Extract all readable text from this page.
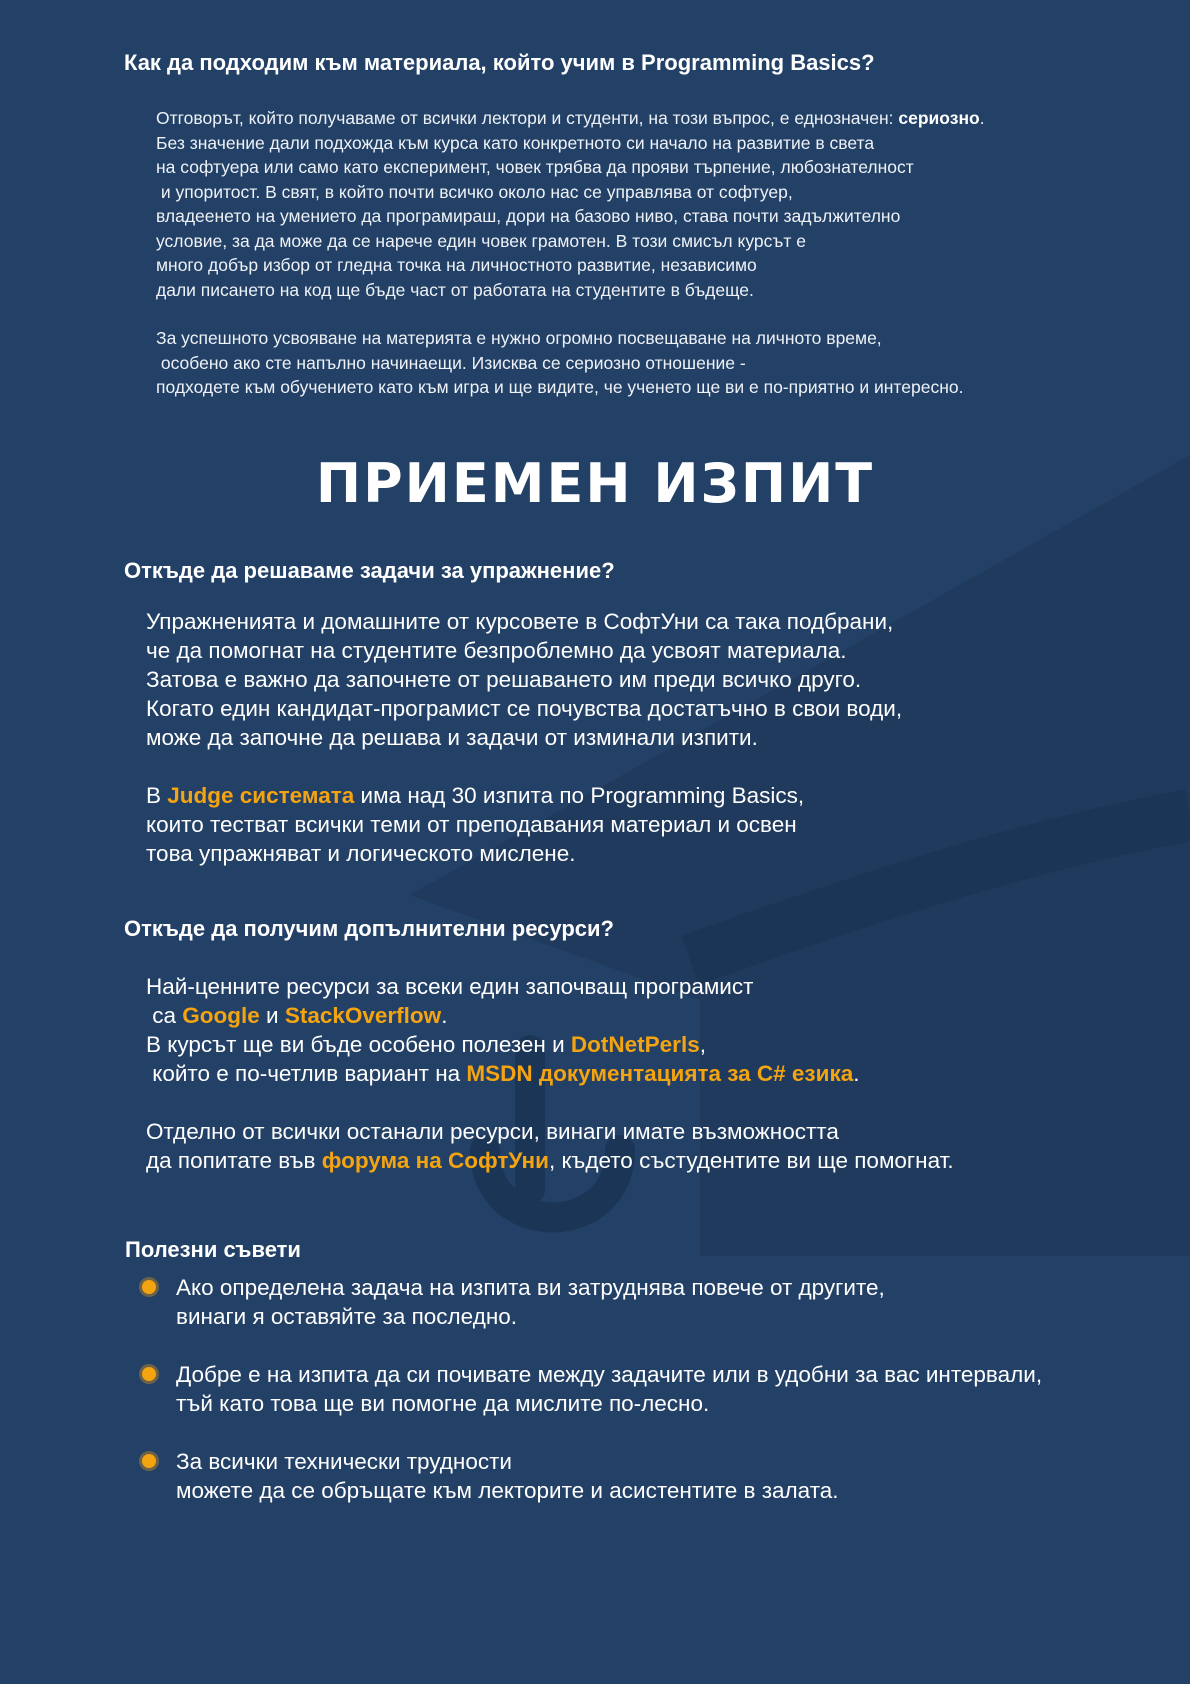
Как да подходим към материала, който учим в Programming Basics?

Отговорът, който получаваме от всички лектори и студенти, на този въпрос, е еднозначен: сериозно.
Без значение дали подхожда към курса като конкретното си начало на развитие в света
на софтуера или само като експеримент, човек трябва да прояви търпение, любознателност
и упоритост. В свят, в който почти всичко около нас се управлява от софтуер,
владеенето на умението да програмираш, дори на базово ниво, става почти задължително
условие, за да може да се нарече един човек грамотен. В този смисъл курсът е
много добър избор от гледна точка на личностното развитие, независимо
дали писането на код ще бъде част от работата на студентите в бъдеще.

За успешното усвояване на материята е нужно огромно посвещаване на личното време,
особено ако сте напълно начинаещи. Изисква се сериозно отношение -
подходете към обучението като към игра и ще видите, че ученето ще ви е по-приятно и интересно.

ПРИЕМЕН ИЗПИТ
Откъде да решаваме задачи за упражнение?

Упражненията и домашните от курсовете в СофтУни са така подбрани,
че да помогнат на студентите безпроблемно да усвоят материала.
Затова е важно да започнете от решаването им преди всичко друго.
Когато един кандидат-програмист се почувства достатъчно в свои води,
може да започне да решава и задачи от изминали изпити.

В Judge системата има над 30 изпита по Programming Basics,
които тестват всички теми от преподавания материал и освен
това упражняват и логическото мислене.

Откъде да получим допълнителни ресурси?

Най-ценните ресурси за всеки един започващ програмист
са Google и StackOverflow.
В курсът ще ви бъде особено полезен и DotNetPerls,
който е по-четлив вариант на MSDN документацията за C# езика.

Отделно от всички останали ресурси, винаги имате възможността
да попитате във форума на СофтУни, където състудентите ви ще помогнат.

Полезни съвети
Ако определена задача на изпита ви затруднява повече от другите,
винаги я оставяйте за последно.
Добре е на изпита да си почивате между задачите или в удобни за вас интервали,
тъй като това ще ви помогне да мислите по-лесно.
За всички технически трудности
можете да се обръщате към лекторите и асистентите в залата.
